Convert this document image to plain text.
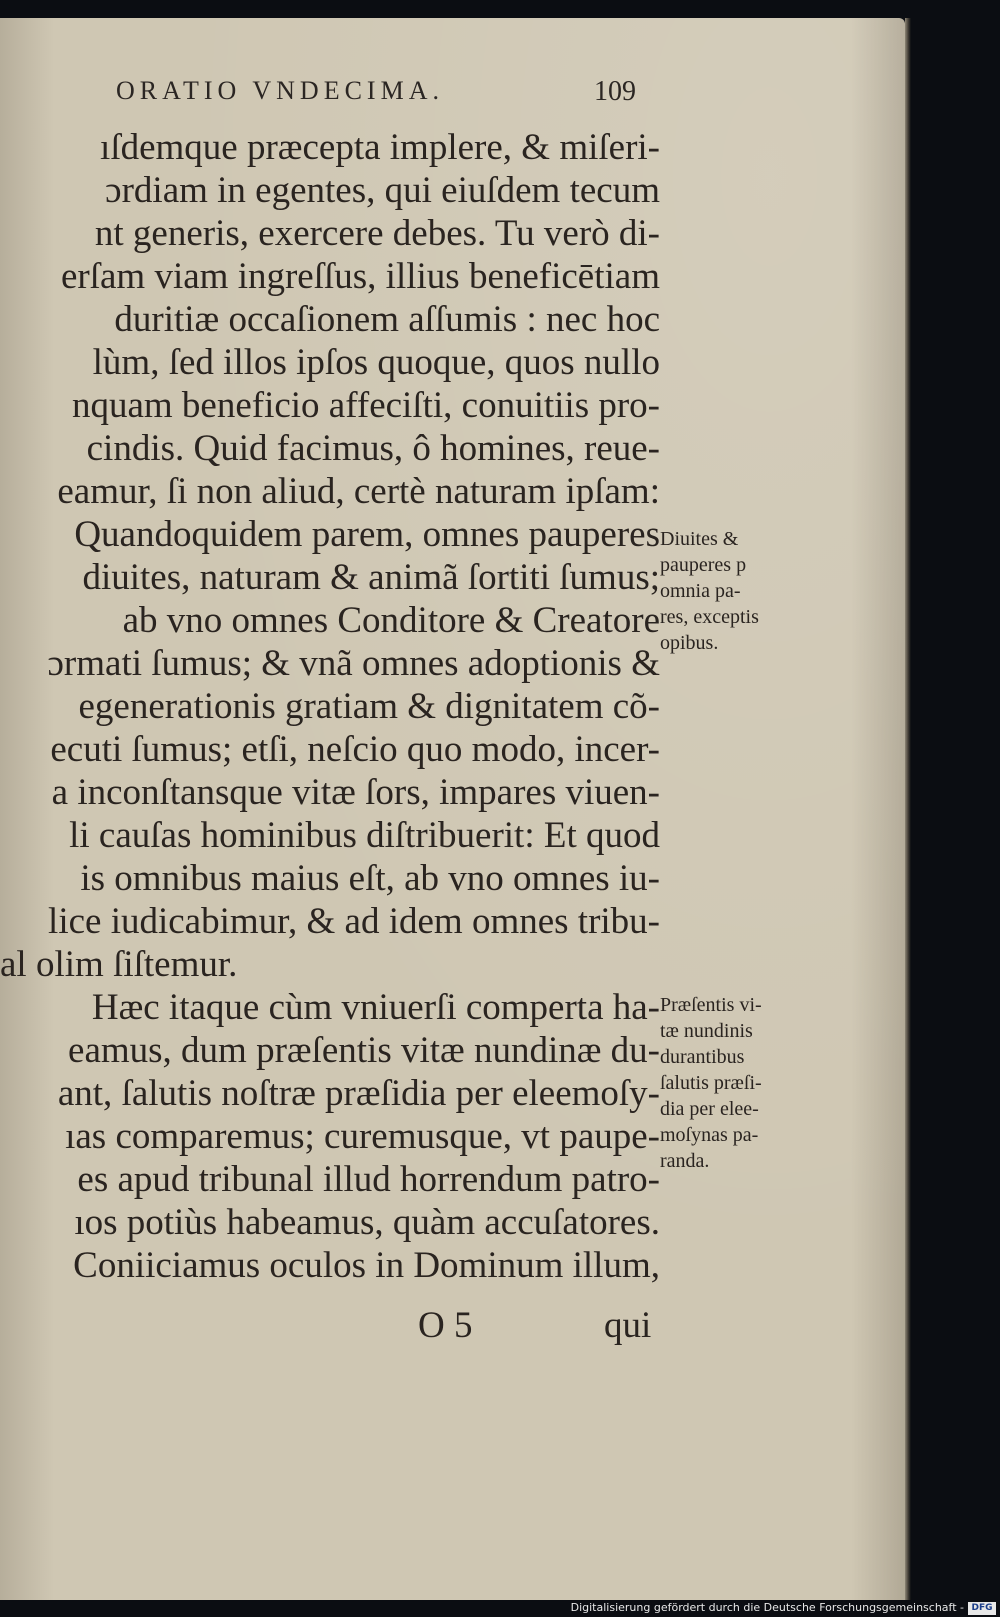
ORATIO VNDECIMA.	109
ıſdemque præcepta implere, & miſeri-
ɔrdiam in egentes, qui eiuſdem tecum
nt generis, exercere debes. Tu verò di-
erſam viam ingreſſus, illius beneficētiam
duritiæ occaſionem aſſumis : nec hoc
lùm, ſed illos ipſos quoque, quos nullo
nquam beneficio affeciſti, conuitiis pro-
cindis. Quid facimus, ô homines, reue-
eamur, ſi non aliud, certè naturam ipſam:
Quandoquidem parem, omnes pauperes
diuites, naturam & animã ſortiti ſumus;
ab vno omnes Conditore & Creatore
ɔrmati ſumus; & vnã omnes adoptionis &
egenerationis gratiam & dignitatem cõ-
ecuti ſumus; etſi, neſcio quo modo, incer-
a inconſtansque vitæ ſors, impares viuen-
li cauſas hominibus diſtribuerit: Et quod
is omnibus maius eſt, ab vno omnes iu-
lice iudicabimur, & ad idem omnes tribu-
al olim ſiſtemur.
Hæc itaque cùm vniuerſi comperta ha-
eamus, dum præſentis vitæ nundinæ du-
ant, ſalutis noſtræ præſidia per eleemoſy-
ıas comparemus; curemusque, vt paupe-
es apud tribunal illud horrendum patro-
ıos potiùs habeamus, quàm accuſatores.
Coniiciamus oculos in Dominum illum,
Diuites &
pauperes p
omnia pa-
res, exceptis
opibus.
Præſentis vi-
tæ nundinis
durantibus
ſalutis præſi-
dia per elee-
moſynas pa-
randa.
O 5	qui
Digitalisierung gefördert durch die Deutsche Forschungsgemeinschaft - DFG
